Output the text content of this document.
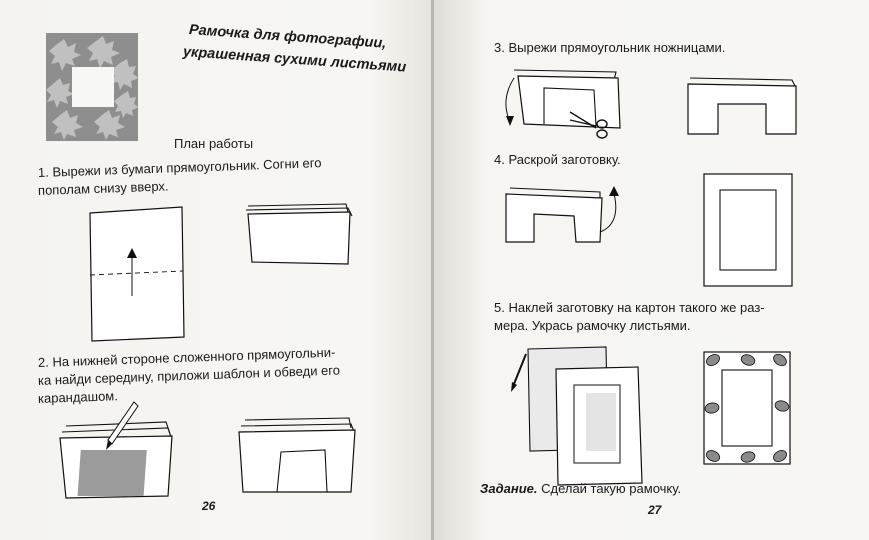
Рамочка для фотографии,
украшенная сухими листьями
План работы
1. Вырежи из бумаги прямоугольник. Согни его
пополам снизу вверх.
2. На нижней стороне сложенного прямоугольни-
ка найди середину, приложи шаблон и обведи его
карандашом.
26
3. Вырежи прямоугольник ножницами.
4. Раскрой заготовку.
5. Наклей заготовку на картон такого же раз-
мера. Укрась рамочку листьями.
Задание. Сделай такую рамочку.
27
